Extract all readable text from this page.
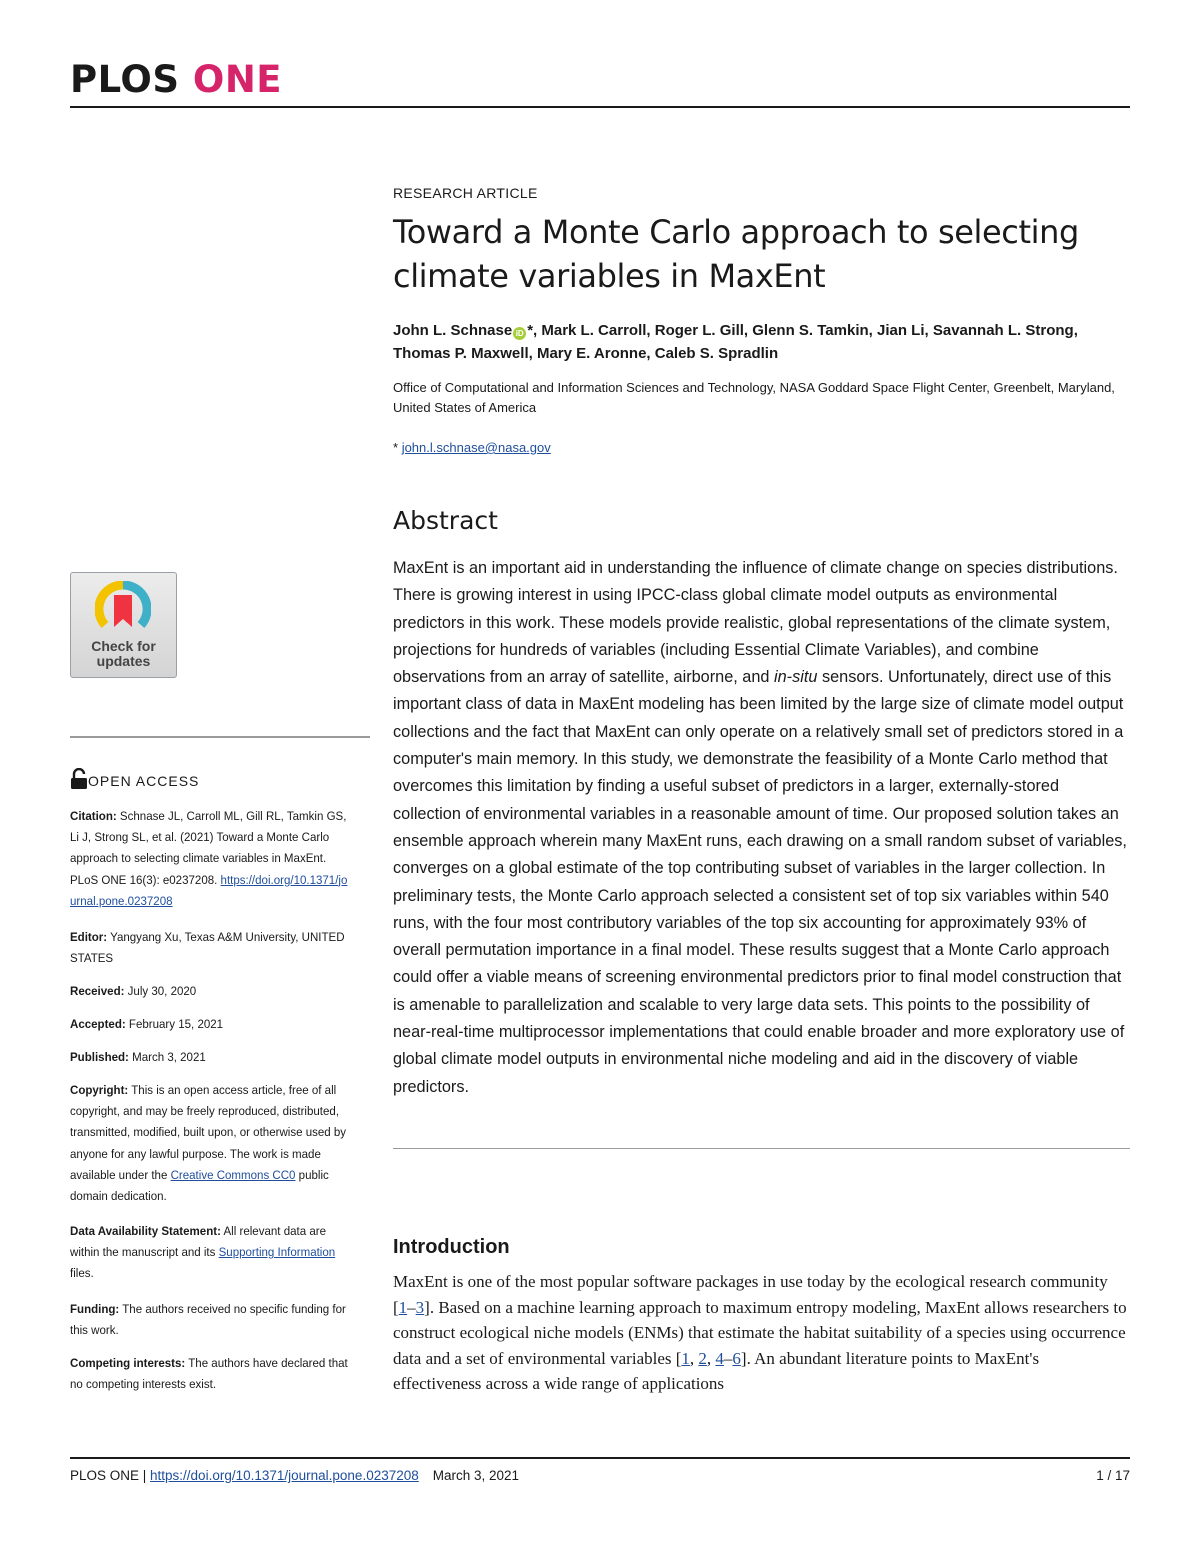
PLOS ONE
RESEARCH ARTICLE
Toward a Monte Carlo approach to selecting climate variables in MaxEnt
John L. Schnase iD *, Mark L. Carroll, Roger L. Gill, Glenn S. Tamkin, Jian Li, Savannah L. Strong, Thomas P. Maxwell, Mary E. Aronne, Caleb S. Spradlin
Office of Computational and Information Sciences and Technology, NASA Goddard Space Flight Center, Greenbelt, Maryland, United States of America
* john.l.schnase@nasa.gov
Abstract

MaxEnt is an important aid in understanding the influence of climate change on species distributions. There is growing interest in using IPCC-class global climate model outputs as environmental predictors in this work. These models provide realistic, global representations of the climate system, projections for hundreds of variables (including Essential Climate Variables), and combine observations from an array of satellite, airborne, and in-situ sensors. Unfortunately, direct use of this important class of data in MaxEnt modeling has been limited by the large size of climate model output collections and the fact that MaxEnt can only operate on a relatively small set of predictors stored in a computer's main memory. In this study, we demonstrate the feasibility of a Monte Carlo method that overcomes this limitation by finding a useful subset of predictors in a larger, externally-stored collection of environmental variables in a reasonable amount of time. Our proposed solution takes an ensemble approach wherein many MaxEnt runs, each drawing on a small random subset of variables, converges on a global estimate of the top contributing subset of variables in the larger collection. In preliminary tests, the Monte Carlo approach selected a consistent set of top six variables within 540 runs, with the four most contributory variables of the top six accounting for approximately 93% of overall permutation importance in a final model. These results suggest that a Monte Carlo approach could offer a viable means of screening environmental predictors prior to final model construction that is amenable to parallelization and scalable to very large data sets. This points to the possibility of near-real-time multiprocessor implementations that could enable broader and more exploratory use of global climate model outputs in environmental niche modeling and aid in the discovery of viable predictors.

Introduction

MaxEnt is one of the most popular software packages in use today by the ecological research community [1–3]. Based on a machine learning approach to maximum entropy modeling, MaxEnt allows researchers to construct ecological niche models (ENMs) that estimate the habitat suitability of a species using occurrence data and a set of environmental variables [1, 2, 4–6]. An abundant literature points to MaxEnt's effectiveness across a wide range of applications

Check for
updates
OPEN ACCESS
Citation: Schnase JL, Carroll ML, Gill RL, Tamkin GS, Li J, Strong SL, et al. (2021) Toward a Monte Carlo approach to selecting climate variables in MaxEnt. PLoS ONE 16(3): e0237208. https://doi.org/10.1371/journal.pone.0237208
Editor: Yangyang Xu, Texas A&M University, UNITED STATES
Received: July 30, 2020
Accepted: February 15, 2021
Published: March 3, 2021
Copyright: This is an open access article, free of all copyright, and may be freely reproduced, distributed, transmitted, modified, built upon, or otherwise used by anyone for any lawful purpose. The work is made available under the Creative Commons CC0 public domain dedication.
Data Availability Statement: All relevant data are within the manuscript and its Supporting Information files.
Funding: The authors received no specific funding for this work.
Competing interests: The authors have declared that no competing interests exist.
PLOS ONE | https://doi.org/10.1371/journal.pone.0237208 March 3, 2021	1 / 17
